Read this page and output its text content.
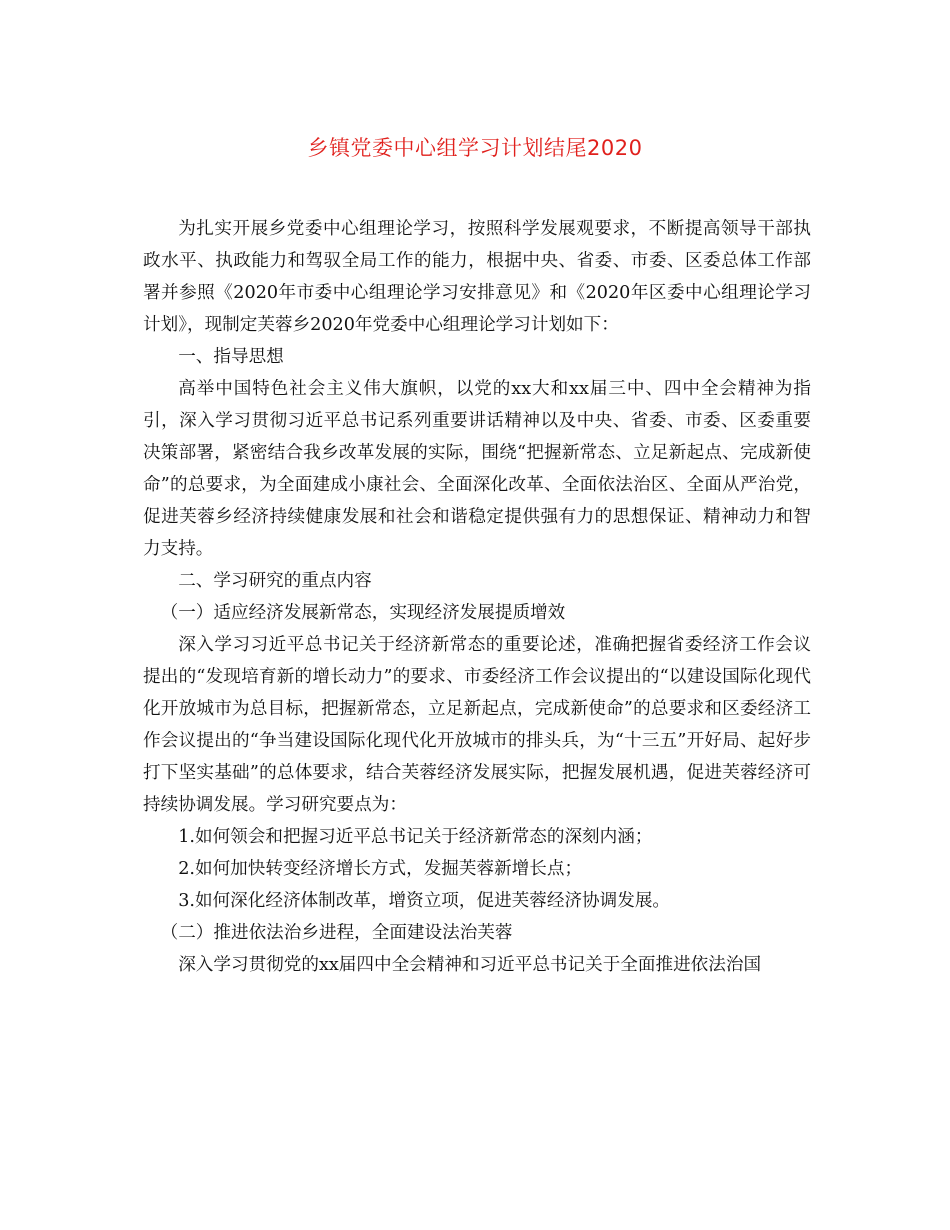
乡镇党委中心组学习计划结尾2020

为扎实开展乡党委中心组理论学习，按照科学发展观要求，不断提高领导干部执政水平、执政能力和驾驭全局工作的能力，根据中央、省委、市委、区委总体工作部署并参照《2020年市委中心组理论学习安排意见》和《2020年区委中心组理论学习计划》，现制定芙蓉乡2020年党委中心组理论学习计划如下：

一、指导思想

高举中国特色社会主义伟大旗帜，以党的xx大和xx届三中、四中全会精神为指引，深入学习贯彻习近平总书记系列重要讲话精神以及中央、省委、市委、区委重要决策部署，紧密结合我乡改革发展的实际，围绕“把握新常态、立足新起点、完成新使命”的总要求，为全面建成小康社会、全面深化改革、全面依法治区、全面从严治党，促进芙蓉乡经济持续健康发展和社会和谐稳定提供强有力的思想保证、精神动力和智力支持。

二、学习研究的重点内容

（一）适应经济发展新常态，实现经济发展提质增效

深入学习习近平总书记关于经济新常态的重要论述，准确把握省委经济工作会议提出的“发现培育新的增长动力”的要求、市委经济工作会议提出的“以建设国际化现代化开放城市为总目标，把握新常态，立足新起点，完成新使命”的总要求和区委经济工作会议提出的“争当建设国际化现代化开放城市的排头兵，为“十三五”开好局、起好步打下坚实基础”的总体要求，结合芙蓉经济发展实际，把握发展机遇，促进芙蓉经济可持续协调发展。学习研究要点为：

1.如何领会和把握习近平总书记关于经济新常态的深刻内涵；

2.如何加快转变经济增长方式，发掘芙蓉新增长点；

3.如何深化经济体制改革，增资立项，促进芙蓉经济协调发展。

（二）推进依法治乡进程，全面建设法治芙蓉

深入学习贯彻党的xx届四中全会精神和习近平总书记关于全面推进依法治国
